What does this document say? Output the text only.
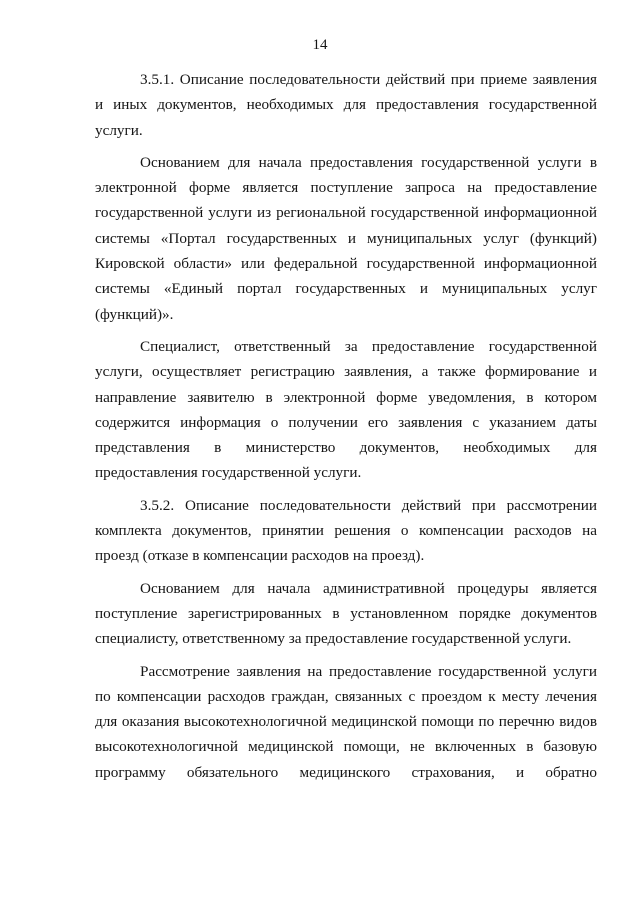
14

3.5.1. Описание последовательности действий при приеме заявления и иных документов, необходимых для предоставления государственной услуги.

Основанием для начала предоставления государственной услуги в электронной форме является поступление запроса на предоставление государственной услуги из региональной государственной информационной системы «Портал государственных и муниципальных услуг (функций) Кировской области» или федеральной государственной информационной системы «Единый портал государственных и муниципальных услуг (функций)».

Специалист, ответственный за предоставление государственной услуги, осуществляет регистрацию заявления, а также формирование и направление заявителю в электронной форме уведомления, в котором содержится информация о получении его заявления с указанием даты представления в министерство документов, необходимых для предоставления государственной услуги.

3.5.2. Описание последовательности действий при рассмотрении комплекта документов, принятии решения о компенсации расходов на проезд (отказе в компенсации расходов на проезд).

Основанием для начала административной процедуры является поступление зарегистрированных в установленном порядке документов специалисту, ответственному за предоставление государственной услуги.

Рассмотрение заявления на предоставление государственной услуги по компенсации расходов граждан, связанных с проездом к месту лечения для оказания высокотехнологичной медицинской помощи по перечню видов высокотехнологичной медицинской помощи, не включенных в базовую программу обязательного медицинского страхования, и обратно
